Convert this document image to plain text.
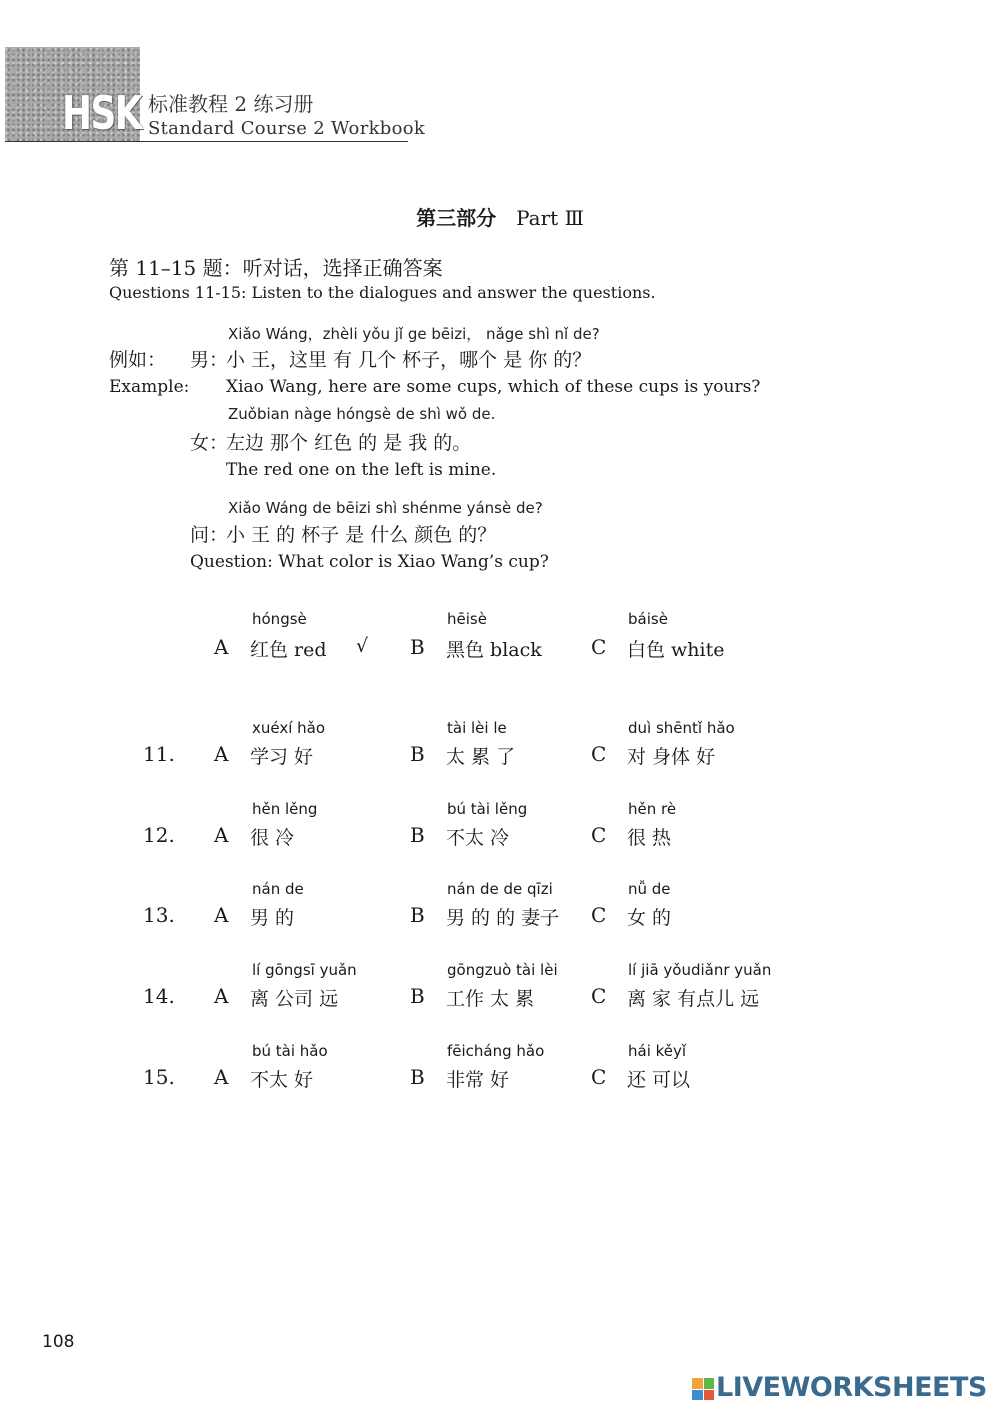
HSK 标准教程 2 练习册
Standard Course 2 Workbook
第三部分 Part Ⅲ
第 11–15 题：听对话，选择正确答案
Questions 11-15: Listen to the dialogues and answer the questions.
Xiǎo Wáng，zhèli yǒu jǐ ge bēizi， nǎge shì nǐ de?
例如： 男：
小 王，这里 有 几个 杯子，哪个 是 你 的？
Example: Xiao Wang, here are some cups, which of these cups is yours?
Zuǒbian nàge hóngsè de shì wǒ de.
女：
左边 那个 红色 的 是 我 的。
The red one on the left is mine.
Xiǎo Wáng de bēizi shì shénme yánsè de?
问：
小 王 的 杯子 是 什么 颜色 的？
Question: What color is Xiao Wang’s cup?
hóngsè
A 红色 red √
hēisè
B 黑色 black
báisè
C 白色 white
11.
xuéxí hǎo
A 学习 好
tài lèi le
B 太 累 了
duì shēntǐ hǎo
C 对 身体 好
12.
hěn lěng
A 很 冷
bú tài lěng
B 不太 冷
hěn rè
C 很 热
13.
nán de
A 男 的
nán de de qīzi
B 男 的 的 妻子
nǚ de
C 女 的
14.
lí gōngsī yuǎn
A 离 公司 远
gōngzuò tài lèi
B 工作 太 累
lí jiā yǒudiǎnr yuǎn
C 离 家 有点儿 远
15.
bú tài hǎo
A 不太 好
fēicháng hǎo
B 非常 好
hái kěyǐ
C 还 可以
108
LIVEWORKSHEETS
